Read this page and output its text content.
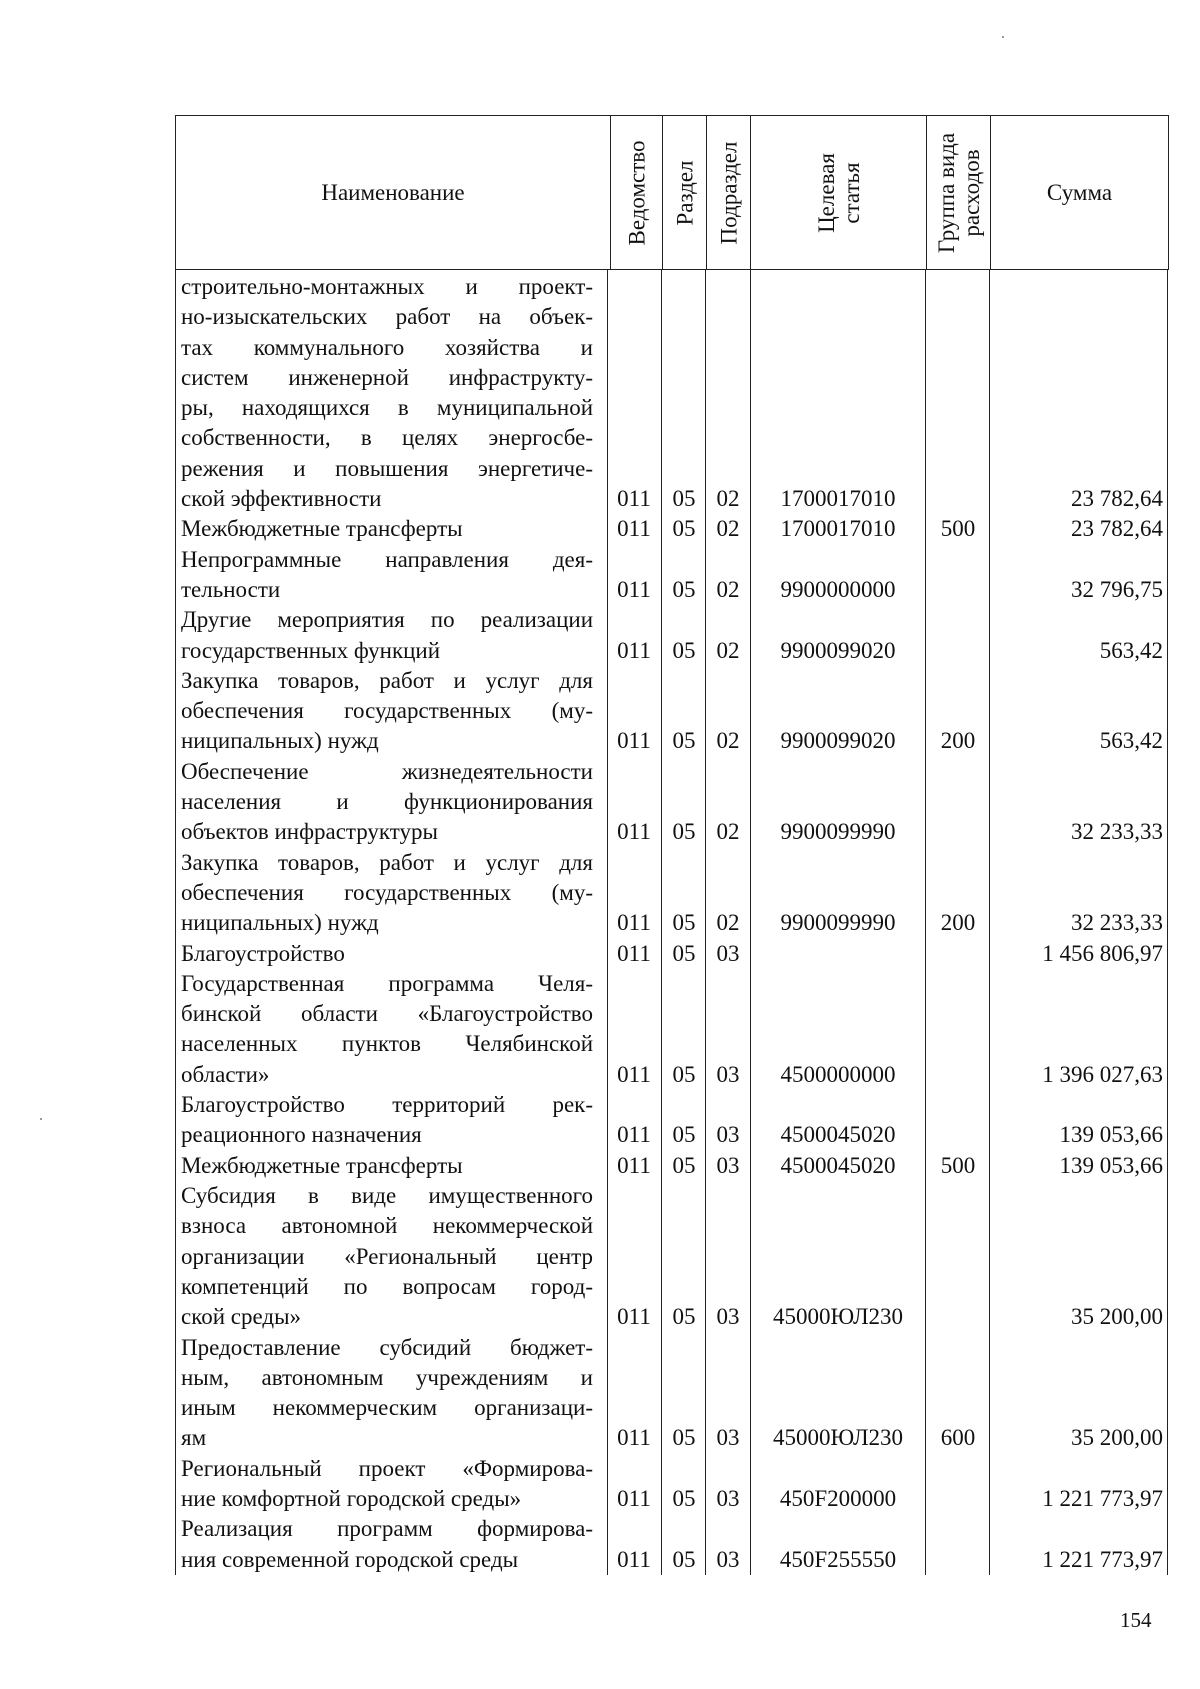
Наименование	Ведомство Раздел Подраздел	Целевая статья	Группа вида расходов	Сумма
строительно-монтажных и проект-
но-изыскательских работ на объек-
тах коммунального хозяйства и
систем инженерной инфраструкту-
ры, находящихся в муниципальной
собственности, в целях энергосбе-
режения и повышения энергетиче-
ской эффективности	011 05 02	1700017010	23 782,64
Межбюджетные трансферты	011 05 02	1700017010	500	23 782,64
Непрограммные направления дея-
тельности	011 05 02	9900000000	32 796,75
Другие мероприятия по реализации
государственных функций	011 05 02	9900099020	563,42
Закупка товаров, работ и услуг для
обеспечения государственных (му-
ниципальных) нужд	011 05 02	9900099020	200	563,42
Обеспечение жизнедеятельности
населения и функционирования
объектов инфраструктуры	011 05 02	9900099990	32 233,33
Закупка товаров, работ и услуг для
обеспечения государственных (му-
ниципальных) нужд	011 05 02	9900099990	200	32 233,33
Благоустройство	011 05 03	1 456 806,97
Государственная программа Челя-
бинской области «Благоустройство
населенных пунктов Челябинской
области»	011 05 03	4500000000	1 396 027,63
Благоустройство территорий рек-
реационного назначения	011 05 03	4500045020	139 053,66
Межбюджетные трансферты	011 05 03	4500045020	500	139 053,66
Субсидия в виде имущественного
взноса автономной некоммерческой
организации «Региональный центр
компетенций по вопросам город-
ской среды»	011 05 03	45000ЮЛ230	35 200,00
Предоставление субсидий бюджет-
ным, автономным учреждениям и
иным некоммерческим организаци-
ям	011 05 03	45000ЮЛ230	600	35 200,00
Региональный проект «Формирова-
ние комфортной городской среды»	011 05 03	450F200000	1 221 773,97
Реализация программ формирова-
ния современной городской среды	011 05 03	450F255550	1 221 773,97
154
